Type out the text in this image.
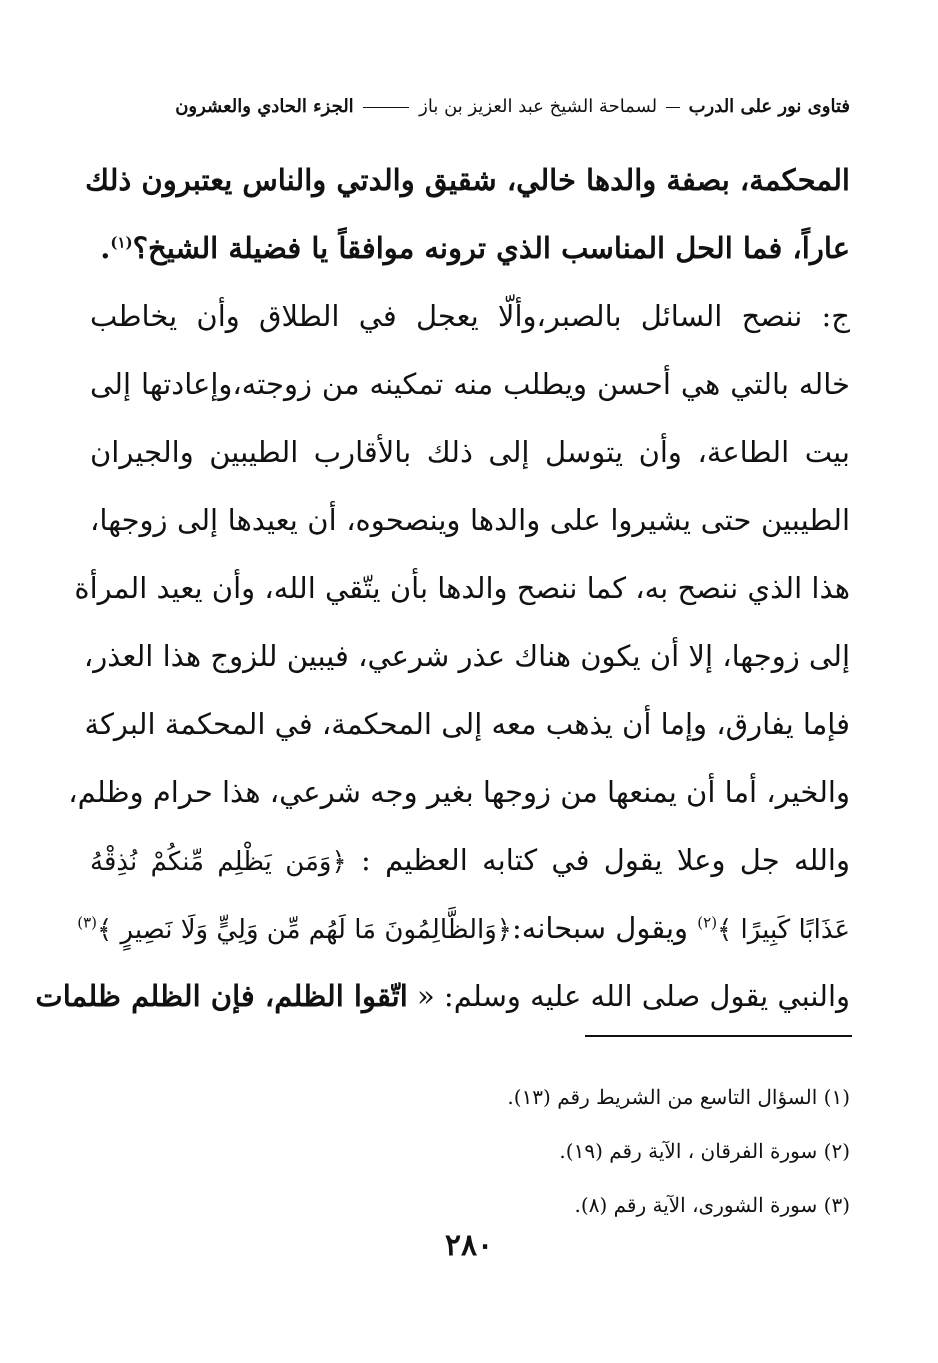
فتاوى نور على الدرب  لسماحة الشيخ عبد العزيز بن باز  الجزء الحادي والعشرون
المحكمة، بصفة والدها خالي، شقيق والدتي والناس يعتبرون ذلك
عاراً، فما الحل المناسب الذي ترونه موافقاً يا فضيلة الشيخ؟$^{(١)}$.
ج: ننصح السائل بالصبر،وألّا يعجل في الطلاق وأن يخاطب
خاله بالتي هي أحسن ويطلب منه تمكينه من زوجته،وإعادتها إلى
بيت الطاعة، وأن يتوسل إلى ذلك بالأقارب الطيبين والجيران
الطيبين حتى يشيروا على والدها وينصحوه، أن يعيدها إلى زوجها،
هذا الذي ننصح به، كما ننصح والدها بأن يتّقي الله، وأن يعيد المرأة
إلى زوجها، إلا أن يكون هناك عذر شرعي، فيبين للزوج هذا العذر،
فإما يفارق، وإما أن يذهب معه إلى المحكمة، في المحكمة البركة
والخير، أما أن يمنعها من زوجها بغير وجه شرعي، هذا حرام وظلم،
والله جل وعلا يقول في كتابه العظيم : ﴿وَمَن يَظْلِم مِّنكُمْ نُذِقْهُ
عَذَابًا كَبِيرًا ﴾$^{(٢)}$ ويقول سبحانه:﴿وَالظَّالِمُونَ مَا لَهُم مِّن وَلِيٍّ وَلَا نَصِيرٍ ﴾$^{(٣)}$
والنبي يقول صلى الله عليه وسلم: « اتّقوا الظلم، فإن الظلم ظلمات
(١) السؤال التاسع من الشريط رقم (١٣).
(٢) سورة الفرقان ، الآية رقم (١٩).
(٣) سورة الشورى، الآية رقم (٨).
٢٨٠
